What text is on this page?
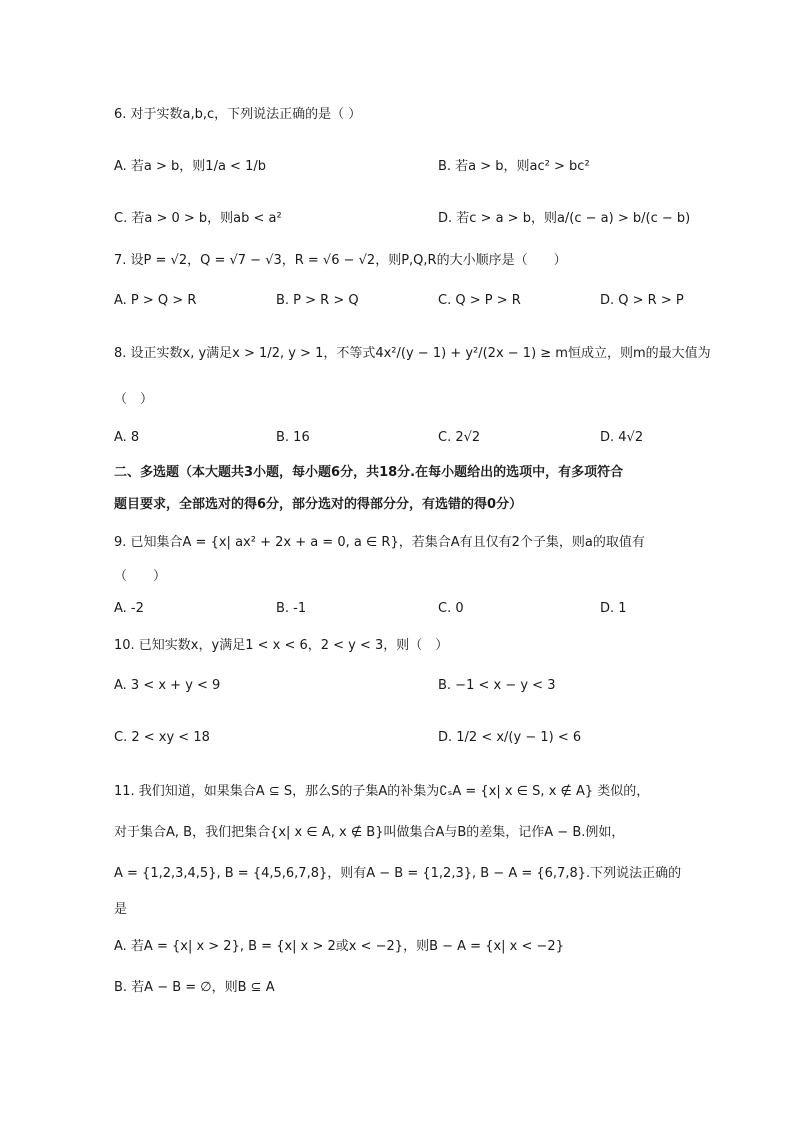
6. 对于实数a,b,c，下列说法正确的是（ ）
A. 若a > b，则1/a < 1/b	B. 若a > b，则ac² > bc²
C. 若a > 0 > b，则ab < a²	D. 若c > a > b，则a/(c − a) > b/(c − b)
7. 设P = √2，Q = √7 − √3，R = √6 − √2，则P,Q,R的大小顺序是（　　）
A. P > Q > R	B. P > R > Q	C. Q > P > R	D. Q > R > P
8. 设正实数x, y满足x > 1/2, y > 1，不等式4x²/(y − 1) + y²/(2x − 1) ≥ m恒成立，则m的最大值为
（　）
A. 8	B. 16	C. 2√2	D. 4√2
二、多选题（本大题共3小题，每小题6分，共18分.在每小题给出的选项中，有多项符合
题目要求，全部选对的得6分，部分选对的得部分分，有选错的得0分）
9. 已知集合A = {x| ax² + 2x + a = 0, a ∈ R}，若集合A有且仅有2个子集，则a的取值有
（　　）
A. -2	B. -1	C. 0	D. 1
10. 已知实数x，y满足1 < x < 6，2 < y < 3，则（　）
A. 3 < x + y < 9	B. −1 < x − y < 3
C. 2 < xy < 18	D. 1/2 < x/(y − 1) < 6
11. 我们知道，如果集合A ⊆ S，那么S的子集A的补集为∁ₛA = {x| x ∈ S, x ∉ A} 类似的，
对于集合A, B，我们把集合{x| x ∈ A, x ∉ B}叫做集合A与B的差集，记作A − B.例如，
A = {1,2,3,4,5}, B = {4,5,6,7,8}，则有A − B = {1,2,3}, B − A = {6,7,8}.下列说法正确的
是
A. 若A = {x| x > 2}, B = {x| x > 2或x < −2}，则B − A = {x| x < −2}
B. 若A − B = ∅，则B ⊆ A
